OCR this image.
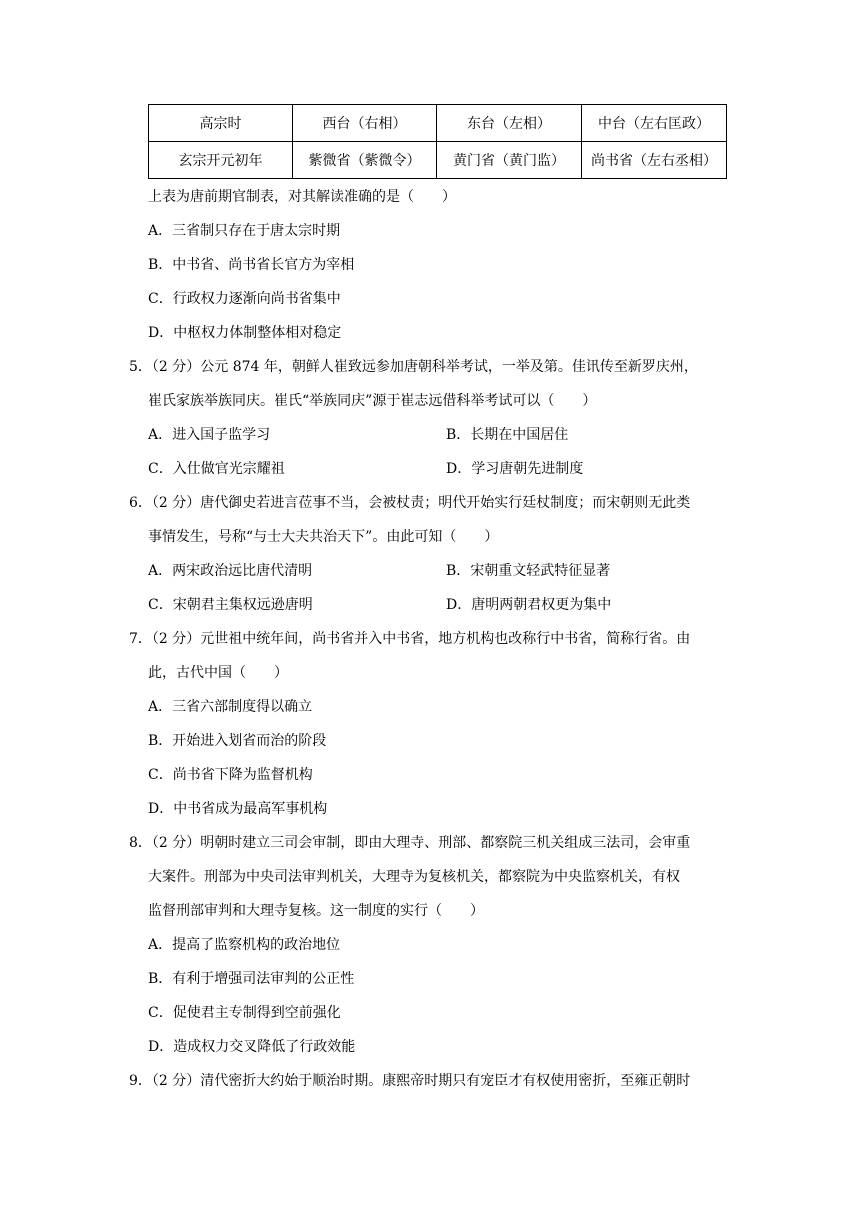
高宗时	西台（右相）	东台（左相）	中台（左右匡政）
玄宗开元初年	紫微省（紫微令）	黄门省（黄门监）	尚书省（左右丞相）
上表为唐前期官制表，对其解读准确的是（　　）
A．三省制只存在于唐太宗时期
B．中书省、尚书省长官方为宰相
C．行政权力逐渐向尚书省集中
D．中枢权力体制整体相对稳定
5．（2 分）公元 874 年，朝鲜人崔致远参加唐朝科举考试，一举及第。佳讯传至新罗庆州，
崔氏家族举族同庆。崔氏“举族同庆”源于崔志远借科举考试可以（　　）
A．进入国子监学习	B．长期在中国居住
C．入仕做官光宗耀祖	D．学习唐朝先进制度
6．（2 分）唐代御史若进言莅事不当，会被杖责；明代开始实行廷杖制度；而宋朝则无此类
事情发生，号称“与士大夫共治天下”。由此可知（　　）
A．两宋政治远比唐代清明	B．宋朝重文轻武特征显著
C．宋朝君主集权远逊唐明	D．唐明两朝君权更为集中
7．（2 分）元世祖中统年间，尚书省并入中书省，地方机构也改称行中书省，简称行省。由
此，古代中国（　　）
A．三省六部制度得以确立
B．开始进入划省而治的阶段
C．尚书省下降为监督机构
D．中书省成为最高军事机构
8．（2 分）明朝时建立三司会审制，即由大理寺、刑部、都察院三机关组成三法司，会审重
大案件。刑部为中央司法审判机关，大理寺为复核机关，都察院为中央监察机关，有权
监督刑部审判和大理寺复核。这一制度的实行（　　）
A．提高了监察机构的政治地位
B．有利于增强司法审判的公正性
C．促使君主专制得到空前强化
D．造成权力交叉降低了行政效能
9．（2 分）清代密折大约始于顺治时期。康熙帝时期只有宠臣才有权使用密折，至雍正朝时
